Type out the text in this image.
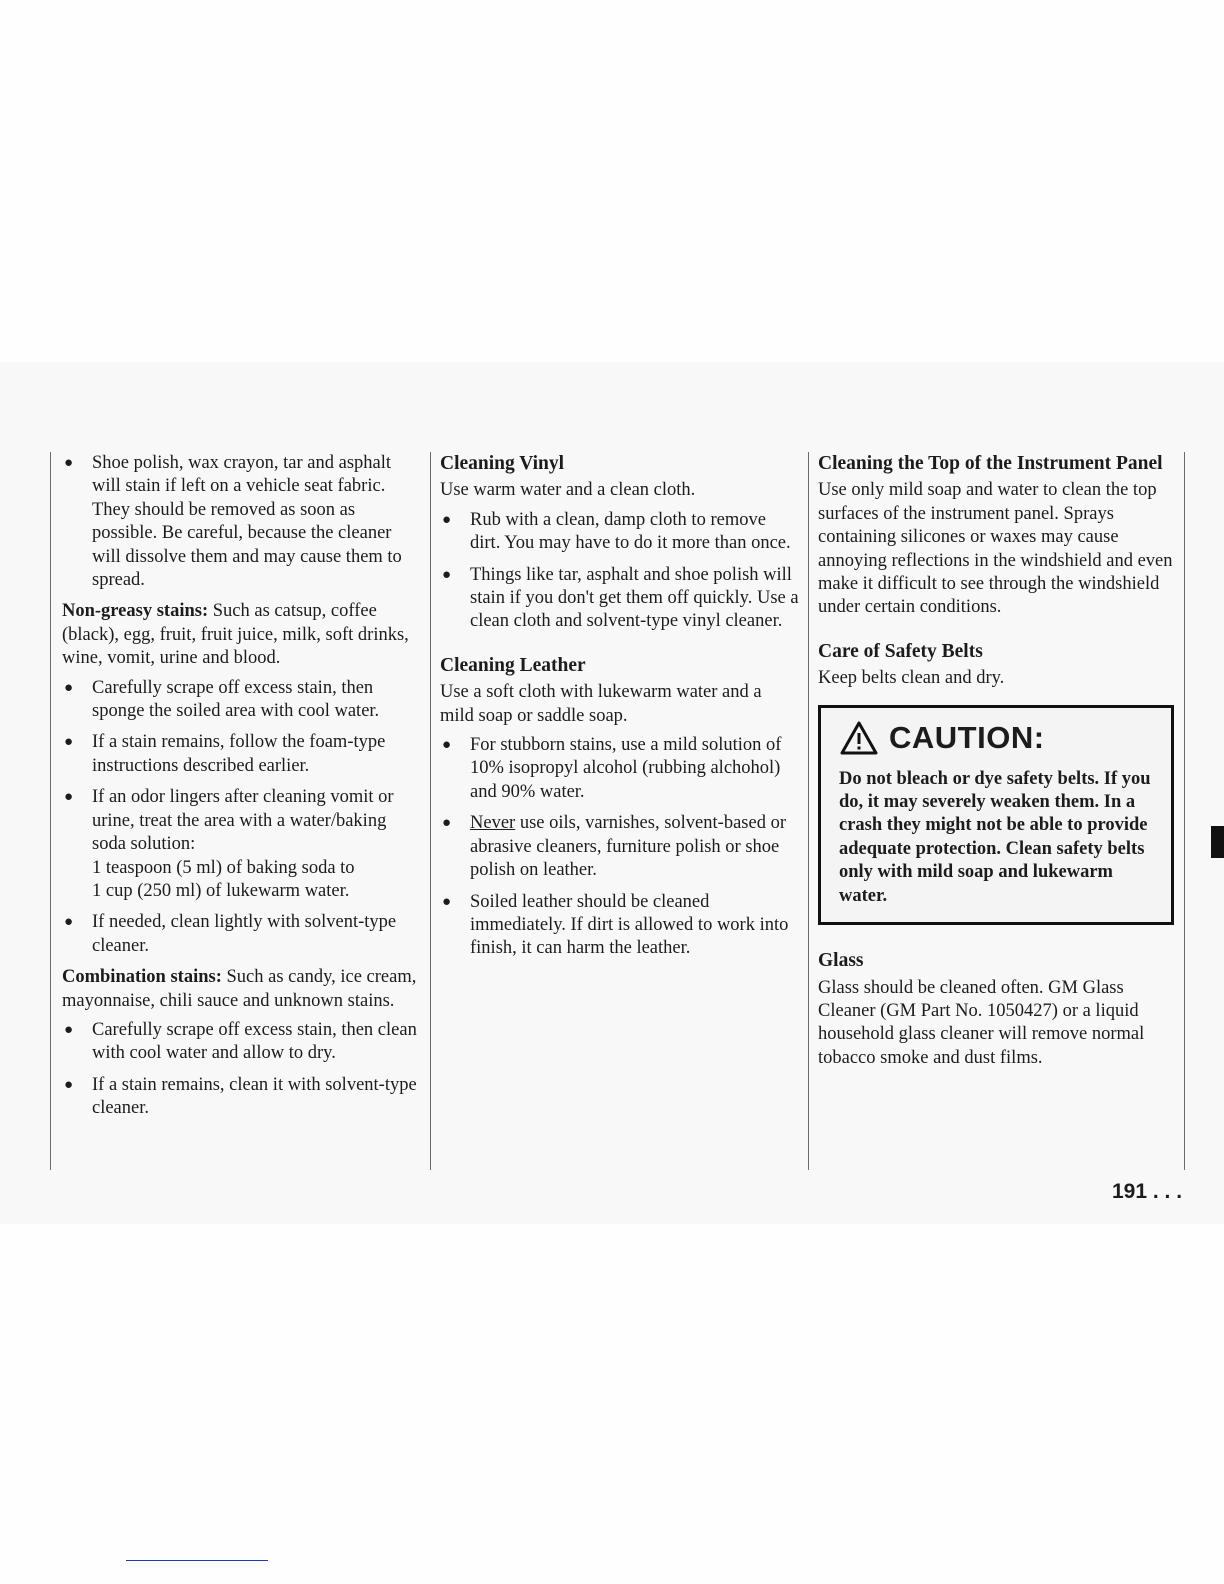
● Shoe polish, wax crayon, tar and asphalt will stain if left on a vehicle seat fabric. They should be removed as soon as possible. Be careful, because the cleaner will dissolve them and may cause them to spread.

Non-greasy stains: Such as catsup, coffee (black), egg, fruit, fruit juice, milk, soft drinks, wine, vomit, urine and blood.

● Carefully scrape off excess stain, then sponge the soiled area with cool water.
● If a stain remains, follow the foam-type instructions described earlier.
● If an odor lingers after cleaning vomit or urine, treat the area with a water/baking soda solution:
1 teaspoon (5 ml) of baking soda to
1 cup (250 ml) of lukewarm water.
● If needed, clean lightly with solvent-type cleaner.

Combination stains: Such as candy, ice cream, mayonnaise, chili sauce and unknown stains.

● Carefully scrape off excess stain, then clean with cool water and allow to dry.
● If a stain remains, clean it with solvent-type cleaner.

Cleaning Vinyl

Use warm water and a clean cloth.

● Rub with a clean, damp cloth to remove dirt. You may have to do it more than once.
● Things like tar, asphalt and shoe polish will stain if you don't get them off quickly. Use a clean cloth and solvent-type vinyl cleaner.

Cleaning Leather

Use a soft cloth with lukewarm water and a mild soap or saddle soap.

● For stubborn stains, use a mild solution of 10% isopropyl alcohol (rubbing alchohol) and 90% water.
● Never use oils, varnishes, solvent-based or abrasive cleaners, furniture polish or shoe polish on leather.
● Soiled leather should be cleaned immediately. If dirt is allowed to work into finish, it can harm the leather.

Cleaning the Top of the Instrument Panel

Use only mild soap and water to clean the top surfaces of the instrument panel. Sprays containing silicones or waxes may cause annoying reflections in the windshield and even make it difficult to see through the windshield under certain conditions.

Care of Safety Belts

Keep belts clean and dry.

CAUTION:

Do not bleach or dye safety belts. If you do, it may severely weaken them. In a crash they might not be able to provide adequate protection. Clean safety belts only with mild soap and lukewarm water.

Glass

Glass should be cleaned often. GM Glass Cleaner (GM Part No. 1050427) or a liquid household glass cleaner will remove normal tobacco smoke and dust films.

191 . . .
